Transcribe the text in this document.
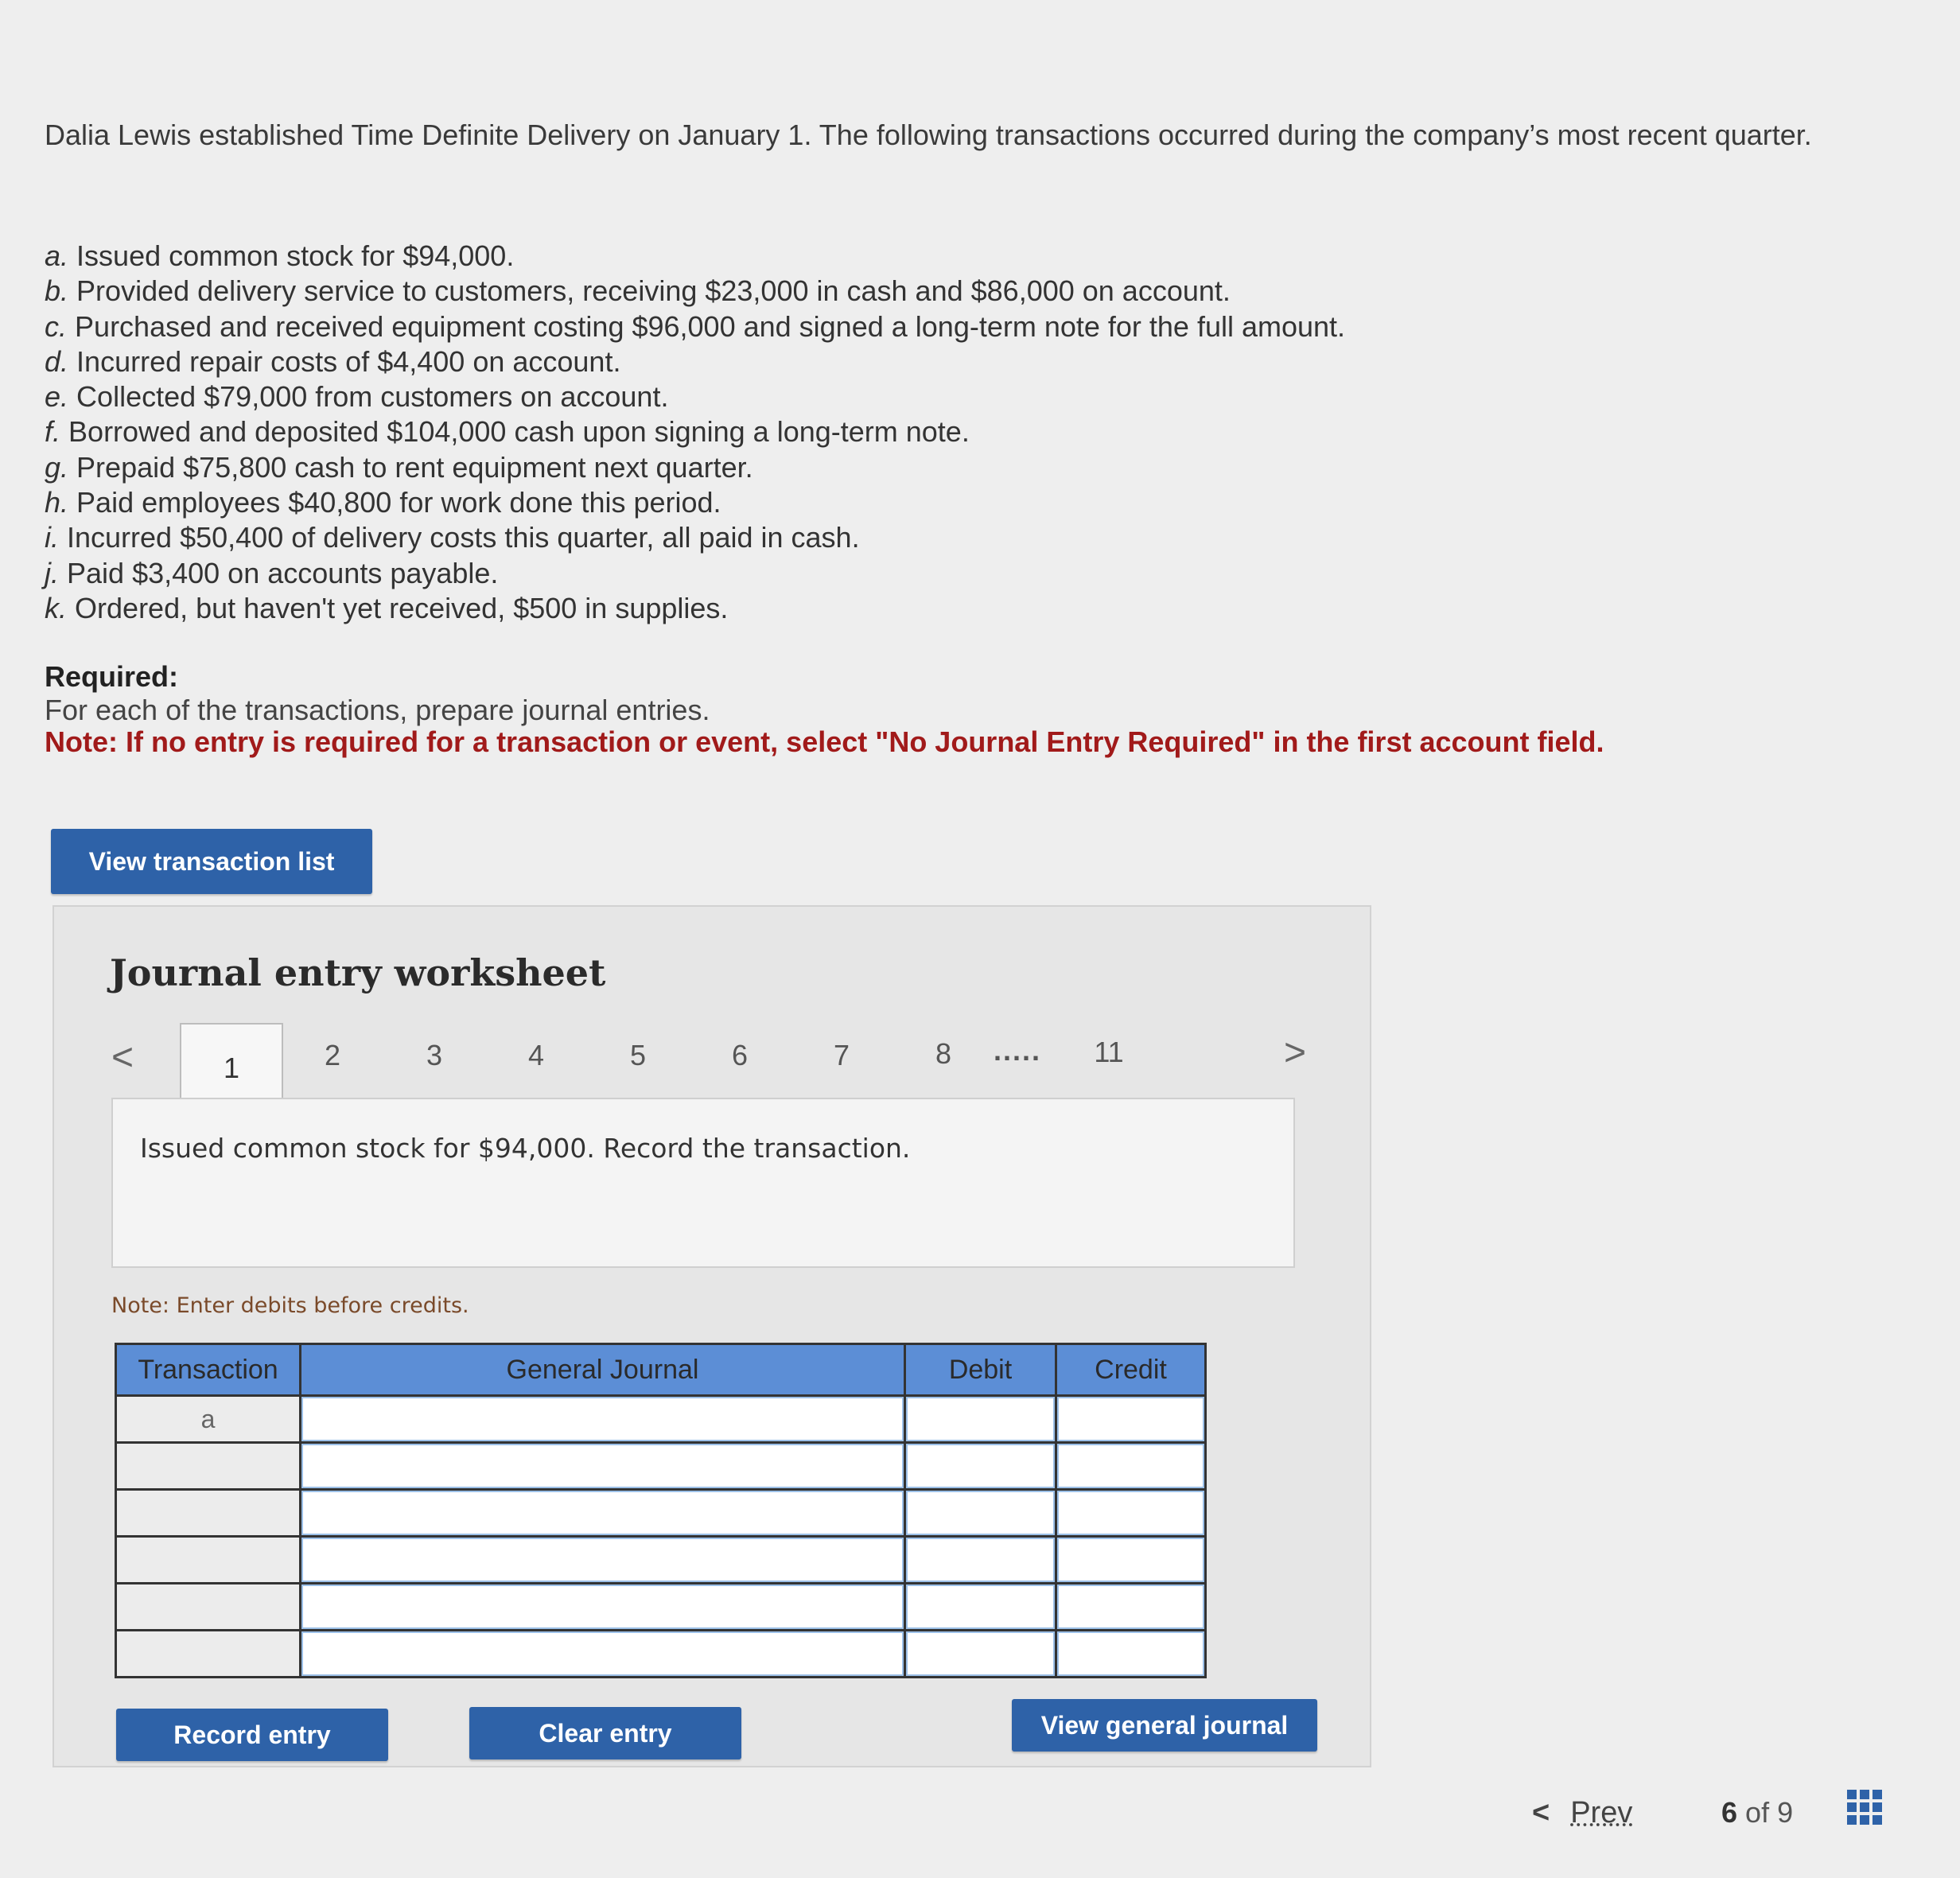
Dalia Lewis established Time Definite Delivery on January 1. The following transactions occurred during the company’s most recent quarter.
a. Issued common stock for $94,000.
b. Provided delivery service to customers, receiving $23,000 in cash and $86,000 on account.
c. Purchased and received equipment costing $96,000 and signed a long-term note for the full amount.
d. Incurred repair costs of $4,400 on account.
e. Collected $79,000 from customers on account.
f. Borrowed and deposited $104,000 cash upon signing a long-term note.
g. Prepaid $75,800 cash to rent equipment next quarter.
h. Paid employees $40,800 for work done this period.
i. Incurred $50,400 of delivery costs this quarter, all paid in cash.
j. Paid $3,400 on accounts payable.
k. Ordered, but haven't yet received, $500 in supplies.
Required:
For each of the transactions, prepare journal entries.
Note: If no entry is required for a transaction or event, select "No Journal Entry Required" in the first account field.
View transaction list
Journal entry worksheet
<	1	2	3	4	5	6	7	8	.....	11	>
Issued common stock for $94,000. Record the transaction.
Note: Enter debits before credits.
Transaction	General Journal	Debit	Credit
a	

Record entry	Clear entry	View general journal
< Prev	6 of 9
